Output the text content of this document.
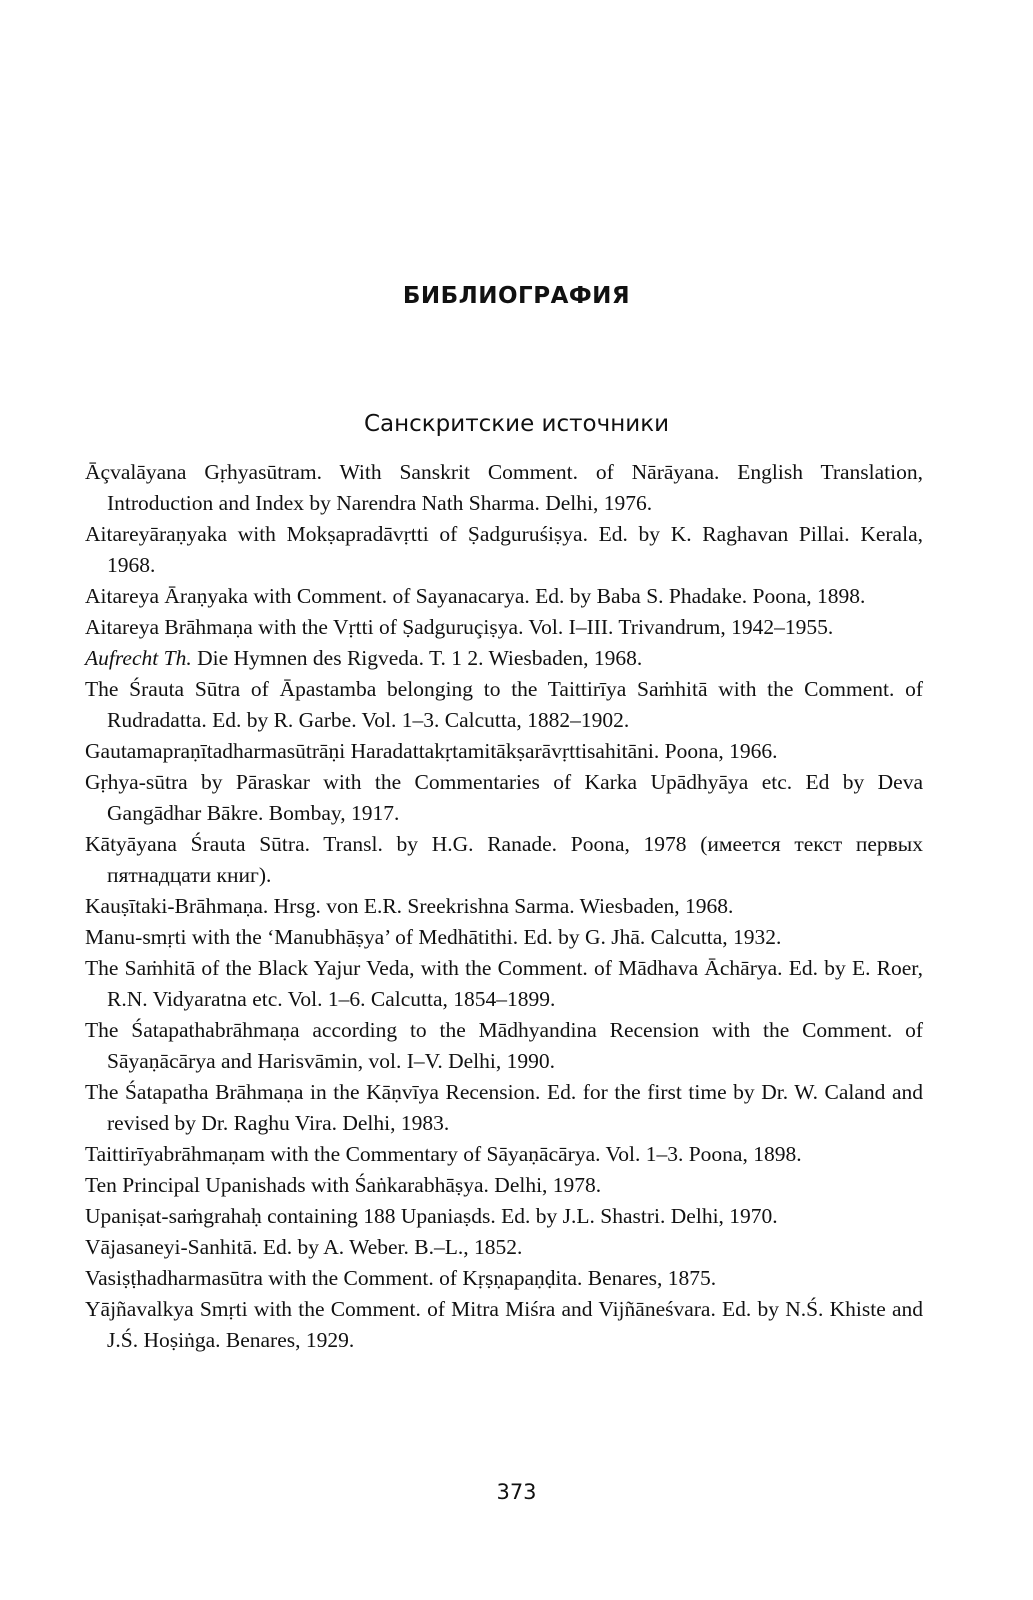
БИБЛИОГРАФИЯ
Санскритские источники
Āçvalāyana Gṛhyasūtram. With Sanskrit Comment. of Nārāyana. English Translation, Introduction and Index by Narendra Nath Sharma. Delhi, 1976.
Aitareyāraṇyaka with Mokṣapradāvṛtti of Ṣadguruśiṣya. Ed. by K. Raghavan Pillai. Kerala, 1968.
Aitareya Āraṇyaka with Comment. of Sayanacarya. Ed. by Baba S. Phadake. Poona, 1898.
Aitareya Brāhmaṇa with the Vṛtti of Ṣadguruçiṣya. Vol. I–III. Trivandrum, 1942–1955.
Aufrecht Th. Die Hymnen des Rigveda. T. 1 2. Wiesbaden, 1968.
The Śrauta Sūtra of Āpastamba belonging to the Taittirīya Saṁhitā with the Comment. of Rudradatta. Ed. by R. Garbe. Vol. 1–3. Calcutta, 1882–1902.
Gautamapraṇītadharmasūtrāṇi Haradattakṛtamitākṣarāvṛttisahitāni. Poona, 1966.
Gṛhya-sūtra by Pāraskar with the Commentaries of Karka Upādhyāya etc. Ed by Deva Gangādhar Bākre. Bombay, 1917.
Kātyāyana Śrauta Sūtra. Transl. by H.G. Ranade. Poona, 1978 (имеется текст первых пятнадцати книг).
Kauṣītaki-Brāhmaṇa. Hrsg. von E.R. Sreekrishna Sarma. Wiesbaden, 1968.
Manu-smṛti with the ‘Manubhāṣya’ of Medhātithi. Ed. by G. Jhā. Calcutta, 1932.
The Saṁhitā of the Black Yajur Veda, with the Comment. of Mādhava Āchārya. Ed. by E. Roer, R.N. Vidyaratna etc. Vol. 1–6. Calcutta, 1854–1899.
The Śatapathabrāhmaṇa according to the Mādhyandina Recension with the Comment. of Sāyaṇācārya and Harisvāmin, vol. I–V. Delhi, 1990.
The Śatapatha Brāhmaṇa in the Kāṇvīya Recension. Ed. for the first time by Dr. W. Caland and revised by Dr. Raghu Vira. Delhi, 1983.
Taittirīyabrāhmaṇam with the Commentary of Sāyaṇācārya. Vol. 1–3. Poona, 1898.
Ten Principal Upanishads with Śaṅkarabhāṣya. Delhi, 1978.
Upaniṣat-saṁgrahaḥ containing 188 Upaniaṣds. Ed. by J.L. Shastri. Delhi, 1970.
Vājasaneyi-Sanhitā. Ed. by A. Weber. B.–L., 1852.
Vasiṣṭhadharmasūtra with the Comment. of Kṛṣṇapaṇḍita. Benares, 1875.
Yājñavalkya Smṛti with the Comment. of Mitra Miśra and Vijñāneśvara. Ed. by N.Ś. Khiste and J.Ś. Hoṣiṅga. Benares, 1929.
373
